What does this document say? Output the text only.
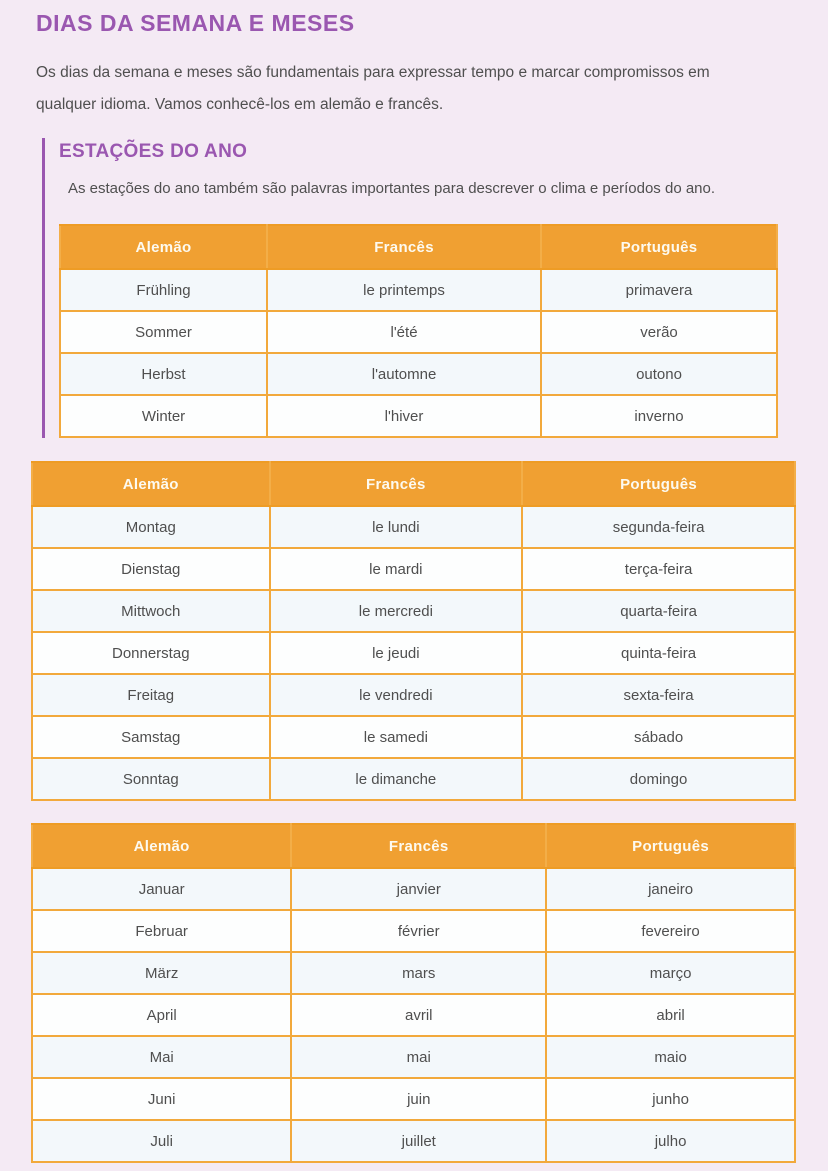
DIAS DA SEMANA E MESES

Os dias da semana e meses são fundamentais para expressar tempo e marcar compromissos em qualquer idioma. Vamos conhecê-los em alemão e francês.

ESTAÇÕES DO ANO

As estações do ano também são palavras importantes para descrever o clima e períodos do ano.

Alemão	Francês	Português
Frühling	le printemps	primavera
Sommer	l'été	verão
Herbst	l'automne	outono
Winter	l'hiver	inverno
Alemão	Francês	Português
Montag	le lundi	segunda-feira
Dienstag	le mardi	terça-feira
Mittwoch	le mercredi	quarta-feira
Donnerstag	le jeudi	quinta-feira
Freitag	le vendredi	sexta-feira
Samstag	le samedi	sábado
Sonntag	le dimanche	domingo
Alemão	Francês	Português
Januar	janvier	janeiro
Februar	février	fevereiro
März	mars	março
April	avril	abril
Mai	mai	maio
Juni	juin	junho
Juli	juillet	julho
